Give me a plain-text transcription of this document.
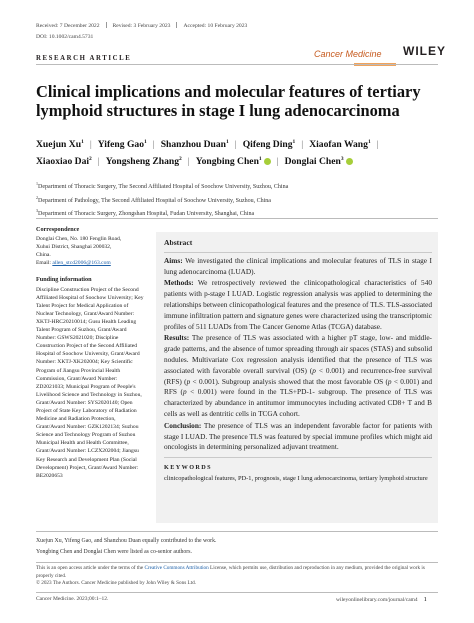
Received: 7 December 2022 Revised: 3 February 2023 Accepted: 10 February 2023
DOI: 10.1002/cam4.5731
Cancer Medicine	WILEY
RESEARCH ARTICLE
Clinical implications and molecular features of tertiary lymphoid structures in stage I lung adenocarcinoma
Xuejun Xu$^1$ | Yifeng Gao$^1$ | Shanzhou Duan$^1$ | Qifeng Ding$^1$ | Xiaofan Wang$^1$ |
Xiaoxiao Dai$^2$ | Yongsheng Zhang$^2$ | Yongbing Chen$^1$ | Donglai Chen$^3$
$^1$Department of Thoracic Surgery, The Second Affiliated Hospital of Soochow University, Suzhou, China
$^2$Department of Pathology, The Second Affiliated Hospital of Soochow University, Suzhou, China
$^3$Department of Thoracic Surgery, Zhongshan Hospital, Fudan University, Shanghai, China
Correspondence
Donglai Chen, No. 180 Fenglin Road,
Xuhui District, Shanghai 200032,
China.
Email: allen_stcd2006@163.com
Funding information
Discipline Construction Project of the Second Affiliated Hospital of Soochow University; Key Talent Project for Medical Application of Nuclear Technology, Grant/Award Number: XKTJ-HRC20210014; Gusu Health Leading Talent Program of Suzhou, Grant/Award Number: GSWS2021020; Discipline Construction Project of the Second Affiliated Hospital of Soochow University, Grant/Award Number: XKTJ-XK202004; Key Scientific Program of Jiangsu Provincial Health Commission, Grant/Award Number: ZD2021033; Municipal Program of People's Livelihood Science and Technology in Suzhou, Grant/Award Number: SYS2020140; Open Project of State Key Laboratory of Radiation Medicine and Radiation Protection, Grant/Award Number: GZK1202134; Suzhou Science and Technology Program of Suzhou Municipal Health and Health Committee, Grant/Award Number: LCZX202004; Jiangsu Key Research and Development Plan (Social Development) Project, Grant/Award Number: BE2020653
Abstract

Aims: We investigated the clinical implications and molecular features of TLS in stage I lung adenocarcinoma (LUAD).

Methods: We retrospectively reviewed the clinicopathological characteristics of 540 patients with p-stage I LUAD. Logistic regression analysis was applied to determining the relationships between clinicopathological features and the presence of TLS. TLS-associated immune infiltration pattern and signature genes were characterized using the transcriptomic profiles of 511 LUADs from The Cancer Genome Atlas (TCGA) database.

Results: The presence of TLS was associated with a higher pT stage, low- and middle-grade patterns, and the absence of tumor spreading through air spaces (STAS) and subsolid nodules. Multivariate Cox regression analysis identified that the presence of TLS was associated with favorable overall survival (OS) (p < 0.001) and recurrence-free survival (RFS) (p < 0.001). Subgroup analysis showed that the most favorable OS (p < 0.001) and RFS (p < 0.001) were found in the TLS+PD-1- subgroup. The presence of TLS was characterized by abundance in antitumor immunocytes including activated CD8+ T and B cells as well as dentritic cells in TCGA cohort.

Conclusion: The presence of TLS was an independent favorable factor for patients with stage I LUAD. The presence TLS was featured by special immune profiles which might aid oncologists in determining personalized adjuvant treatment.

KEYWORDS
clinicopathological features, PD-1, prognosis, stage I lung adenocarcinoma, tertiary lymphoid structure
Xuejun Xu, Yifeng Gao, and Shanzhou Duan equally contributed to the work.
Yongbing Chen and Donglai Chen were listed as co-senior authors.
This is an open access article under the terms of the Creative Commons Attribution License, which permits use, distribution and reproduction in any medium, provided the original work is properly cited.
© 2023 The Authors. Cancer Medicine published by John Wiley & Sons Ltd.
Cancer Medicine. 2023;00:1–12.	wileyonlinelibrary.com/journal/cam4 1
